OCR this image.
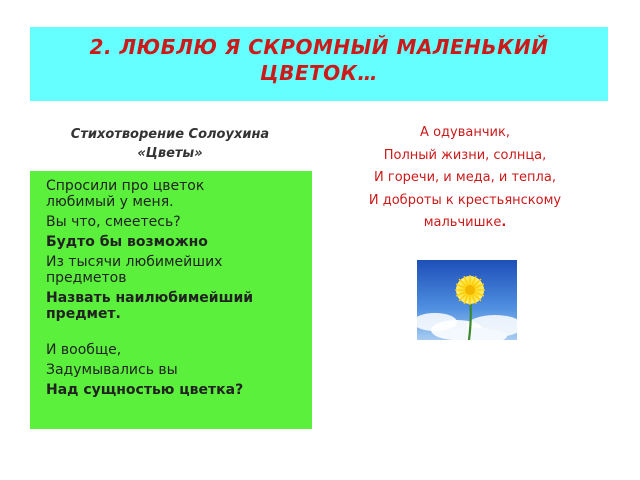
2. ЛЮБЛЮ Я СКРОМНЫЙ МАЛЕНЬКИЙ
ЦВЕТОК…
Стихотворение Солоухина
«Цветы»
Спросили про цветок
любимый у меня.
Вы что, смеетесь?
Будто бы возможно
Из тысячи любимейших
предметов
Назвать наилюбимейший
предмет.
И вообще,
Задумывались вы
Над сущностью цветка?
А одуванчик,
Полный жизни, солнца,
И горечи, и меда, и тепла,
И доброты к крестьянскому
мальчишке.
